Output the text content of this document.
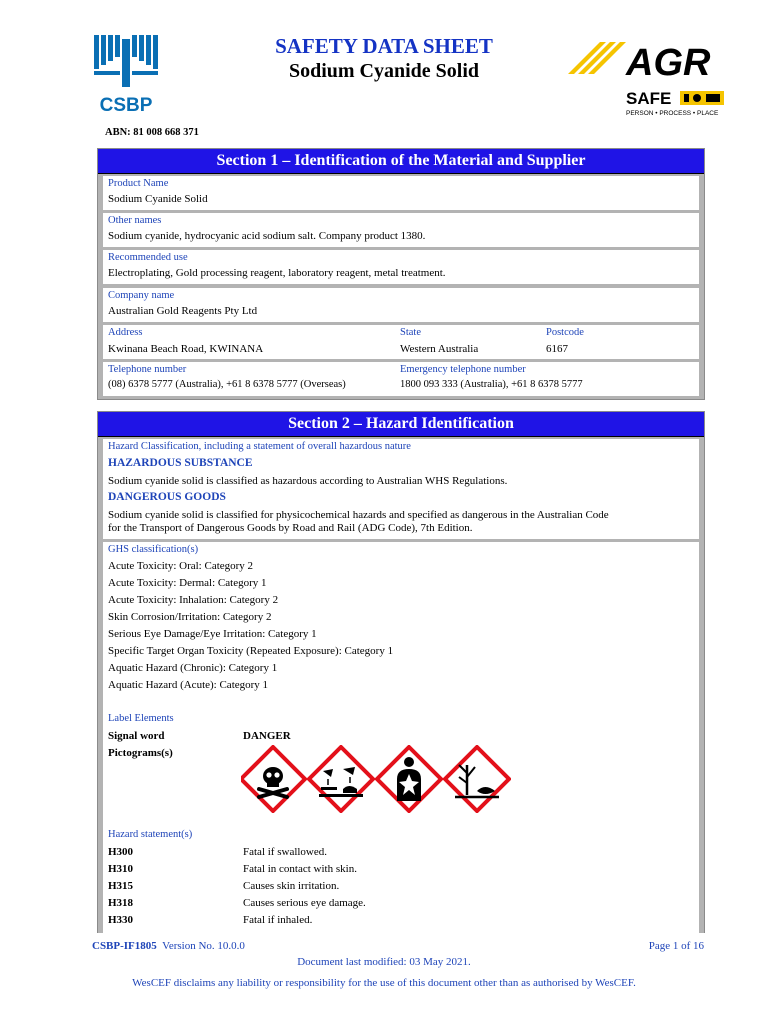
CSBP
SAFETY DATA SHEET
Sodium Cyanide Solid	AGR
SAFE
PERSON • PROCESS • PLACE
ABN: 81 008 668 371
Section 1 – Identification of the Material and Supplier
Product Name
Sodium Cyanide Solid
Other names
Sodium cyanide, hydrocyanic acid sodium salt. Company product 1380.
Recommended use
Electroplating, Gold processing reagent, laboratory reagent, metal treatment.
Company name
Australian Gold Reagents Pty Ltd
Address
Kwinana Beach Road, KWINANA
State
Western Australia
Postcode
6167
Telephone number
(08) 6378 5777 (Australia), +61 8 6378 5777 (Overseas)
Emergency telephone number
1800 093 333 (Australia), +61 8 6378 5777
Section 2 – Hazard Identification
Hazard Classification, including a statement of overall hazardous nature
HAZARDOUS SUBSTANCE
Sodium cyanide solid is classified as hazardous according to Australian WHS Regulations.
DANGEROUS GOODS
Sodium cyanide solid is classified for physicochemical hazards and specified as dangerous in the Australian Code
for the Transport of Dangerous Goods by Road and Rail (ADG Code), 7th Edition.
GHS classification(s)
Acute Toxicity: Oral: Category 2
Acute Toxicity: Dermal: Category 1
Acute Toxicity: Inhalation: Category 2
Skin Corrosion/Irritation: Category 2
Serious Eye Damage/Eye Irritation: Category 1
Specific Target Organ Toxicity (Repeated Exposure): Category 1
Aquatic Hazard (Chronic): Category 1
Aquatic Hazard (Acute): Category 1
Label Elements
Signal word	DANGER
Pictograms(s)
Hazard statement(s)
H300	Fatal if swallowed.
H310	Fatal in contact with skin.
H315	Causes skin irritation.
H318	Causes serious eye damage.
H330	Fatal if inhaled.
CSBP-IF1805 Version No. 10.0.0	Page 1 of 16
Document last modified: 03 May 2021.
WesCEF disclaims any liability or responsibility for the use of this document other than as authorised by WesCEF.
